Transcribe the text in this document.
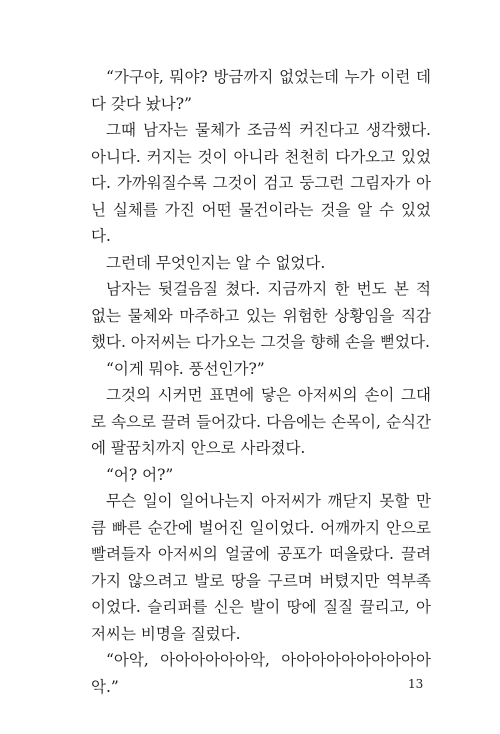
“가구야, 뭐야? 방금까지 없었는데 누가 이런 데다 갖다 놨나?”

그때 남자는 물체가 조금씩 커진다고 생각했다. 아니다. 커지는 것이 아니라 천천히 다가오고 있었다. 가까워질수록 그것이 검고 둥그런 그림자가 아닌 실체를 가진 어떤 물건이라는 것을 알 수 있었다.

그런데 무엇인지는 알 수 없었다.

남자는 뒷걸음질 쳤다. 지금까지 한 번도 본 적 없는 물체와 마주하고 있는 위험한 상황임을 직감했다. 아저씨는 다가오는 그것을 향해 손을 뻗었다.

“이게 뭐야. 풍선인가?”

그것의 시커먼 표면에 닿은 아저씨의 손이 그대로 속으로 끌려 들어갔다. 다음에는 손목이, 순식간에 팔꿈치까지 안으로 사라졌다.

“어? 어?”

무슨 일이 일어나는지 아저씨가 깨닫지 못할 만큼 빠른 순간에 벌어진 일이었다. 어깨까지 안으로 빨려들자 아저씨의 얼굴에 공포가 떠올랐다. 끌려가지 않으려고 발로 땅을 구르며 버텼지만 역부족이었다. 슬리퍼를 신은 발이 땅에 질질 끌리고, 아저씨는 비명을 질렀다.

“아악, 아아아아아아악, 아아아아아아아아아아악.”	13
